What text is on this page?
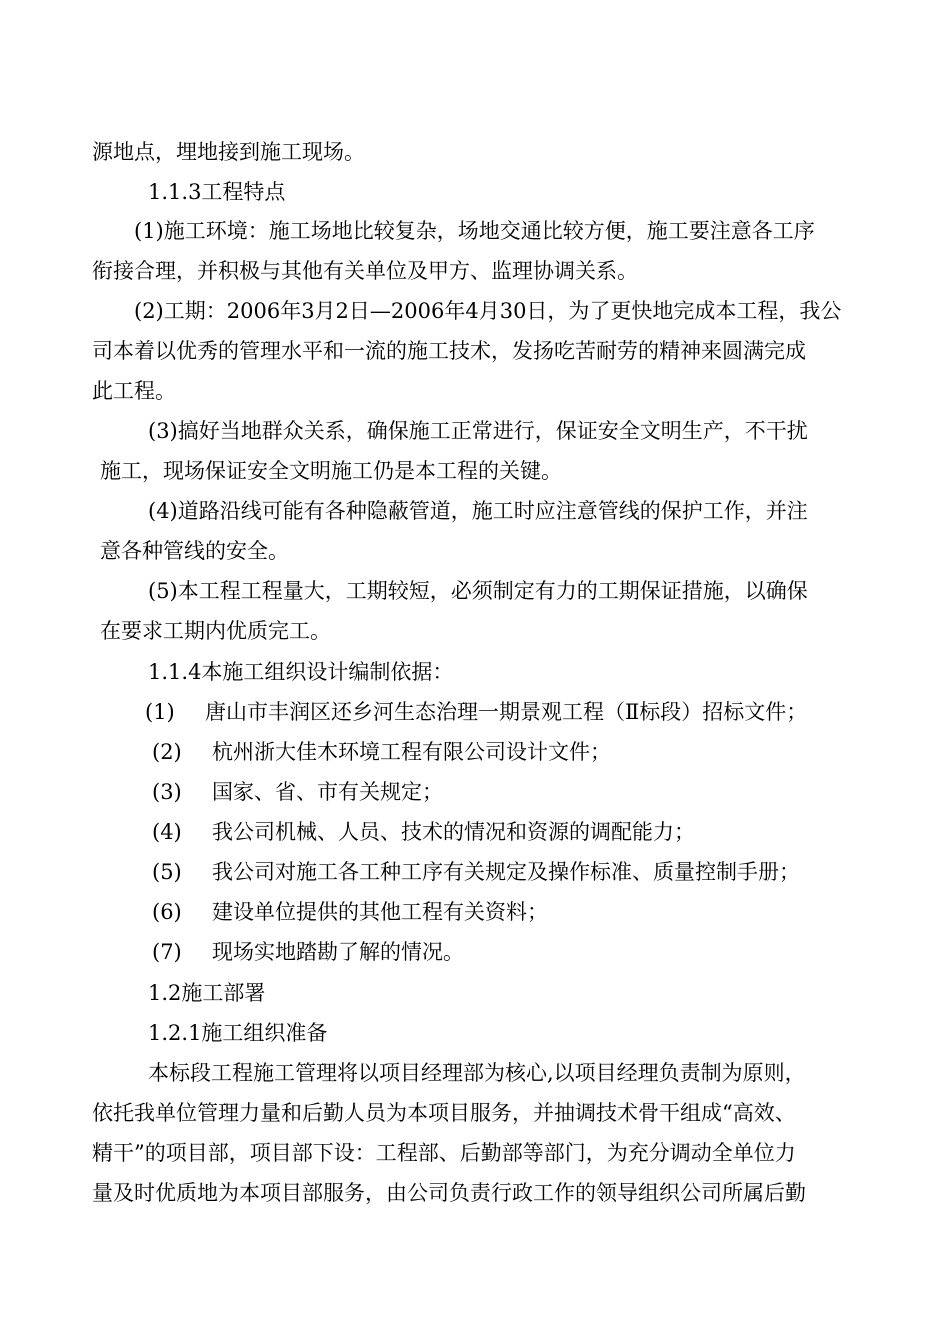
源地点，埋地接到施工现场。

1.1.3工程特点

(1)施工环境：施工场地比较复杂，场地交通比较方便，施工要注意各工序

衔接合理，并积极与其他有关单位及甲方、监理协调关系。

(2)工期：2006年3月2日—2006年4月30日，为了更快地完成本工程，我公

司本着以优秀的管理水平和一流的施工技术，发扬吃苦耐劳的精神来圆满完成

此工程。

(3)搞好当地群众关系，确保施工正常进行，保证安全文明生产，不干扰

施工，现场保证安全文明施工仍是本工程的关键。

(4)道路沿线可能有各种隐蔽管道，施工时应注意管线的保护工作，并注

意各种管线的安全。

(5)本工程工程量大，工期较短，必须制定有力的工期保证措施，以确保

在要求工期内优质完工。

1.1.4本施工组织设计编制依据：

(1) 唐山市丰润区还乡河生态治理一期景观工程（Ⅱ标段）招标文件；
(2) 杭州浙大佳木环境工程有限公司设计文件；
(3) 国家、省、市有关规定；
(4) 我公司机械、人员、技术的情况和资源的调配能力；
(5) 我公司对施工各工种工序有关规定及操作标准、质量控制手册；
(6) 建设单位提供的其他工程有关资料；
(7) 现场实地踏勘了解的情况。

1.2施工部署

1.2.1施工组织准备

本标段工程施工管理将以项目经理部为核心,以项目经理负责制为原则，

依托我单位管理力量和后勤人员为本项目服务，并抽调技术骨干组成“高效、

精干”的项目部，项目部下设：工程部、后勤部等部门，为充分调动全单位力

量及时优质地为本项目部服务，由公司负责行政工作的领导组织公司所属后勤
